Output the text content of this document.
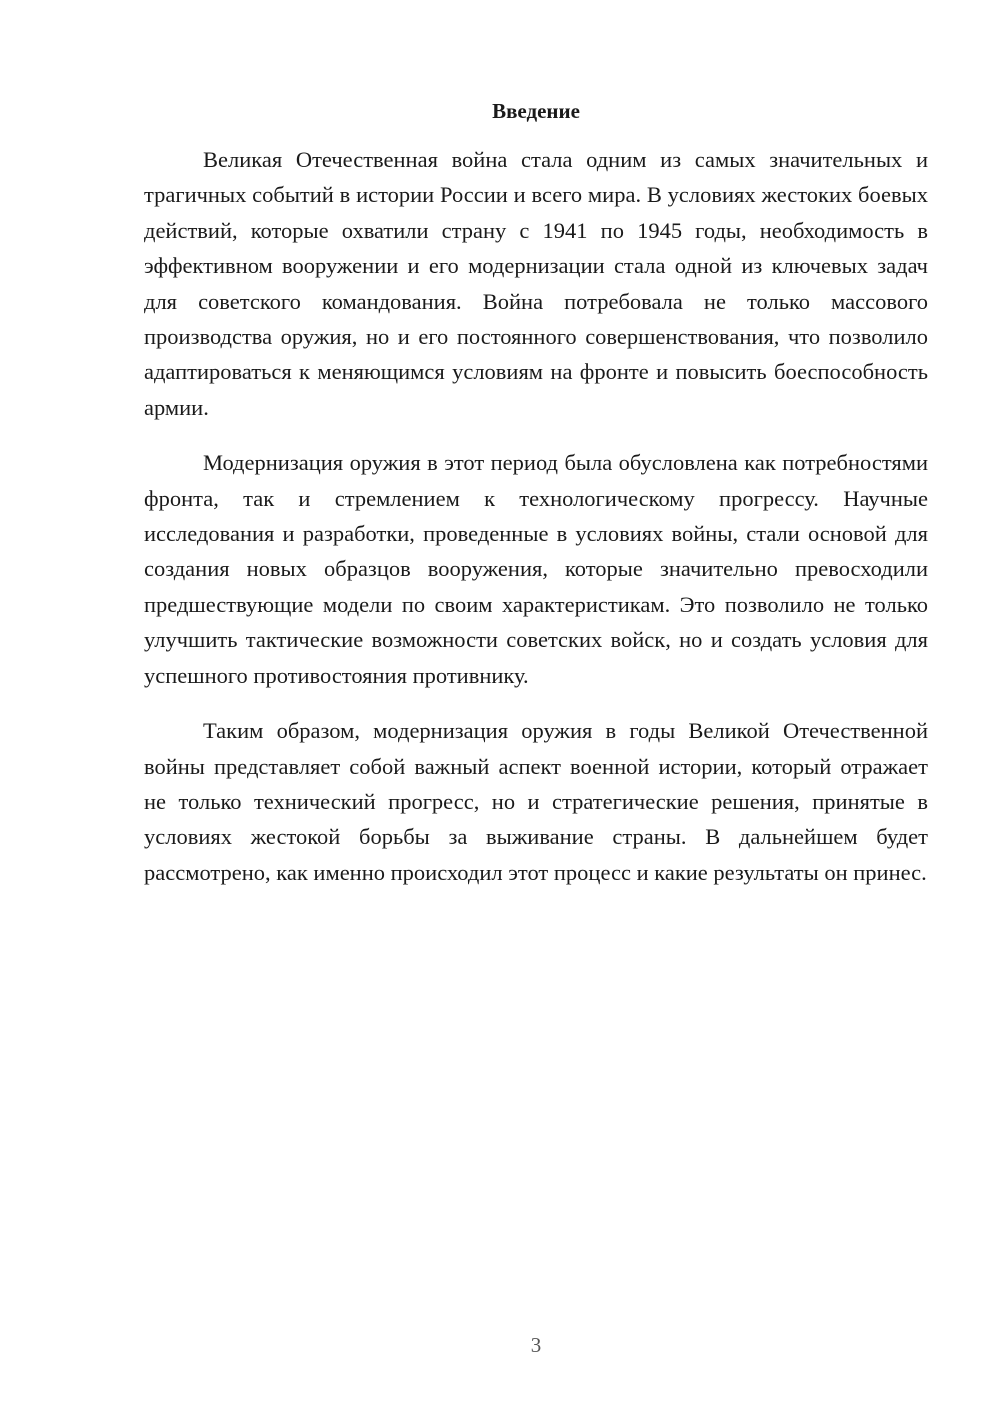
Введение

Великая Отечественная война стала одним из самых значительных и трагичных событий в истории России и всего мира. В условиях жестоких боевых действий, которые охватили страну с 1941 по 1945 годы, необходимость в эффективном вооружении и его модернизации стала одной из ключевых задач для советского командования. Война потребовала не только массового производства оружия, но и его постоянного совершенствования, что позволило адаптироваться к меняющимся условиям на фронте и повысить боеспособность армии.

Модернизация оружия в этот период была обусловлена как потребностями фронта, так и стремлением к технологическому прогрессу. Научные исследования и разработки, проведенные в условиях войны, стали основой для создания новых образцов вооружения, которые значительно превосходили предшествующие модели по своим характеристикам. Это позволило не только улучшить тактические возможности советских войск, но и создать условия для успешного противостояния противнику.

Таким образом, модернизация оружия в годы Великой Отечественной войны представляет собой важный аспект военной истории, который отражает не только технический прогресс, но и стратегические решения, принятые в условиях жестокой борьбы за выживание страны. В дальнейшем будет рассмотрено, как именно происходил этот процесс и какие результаты он принес.

3
